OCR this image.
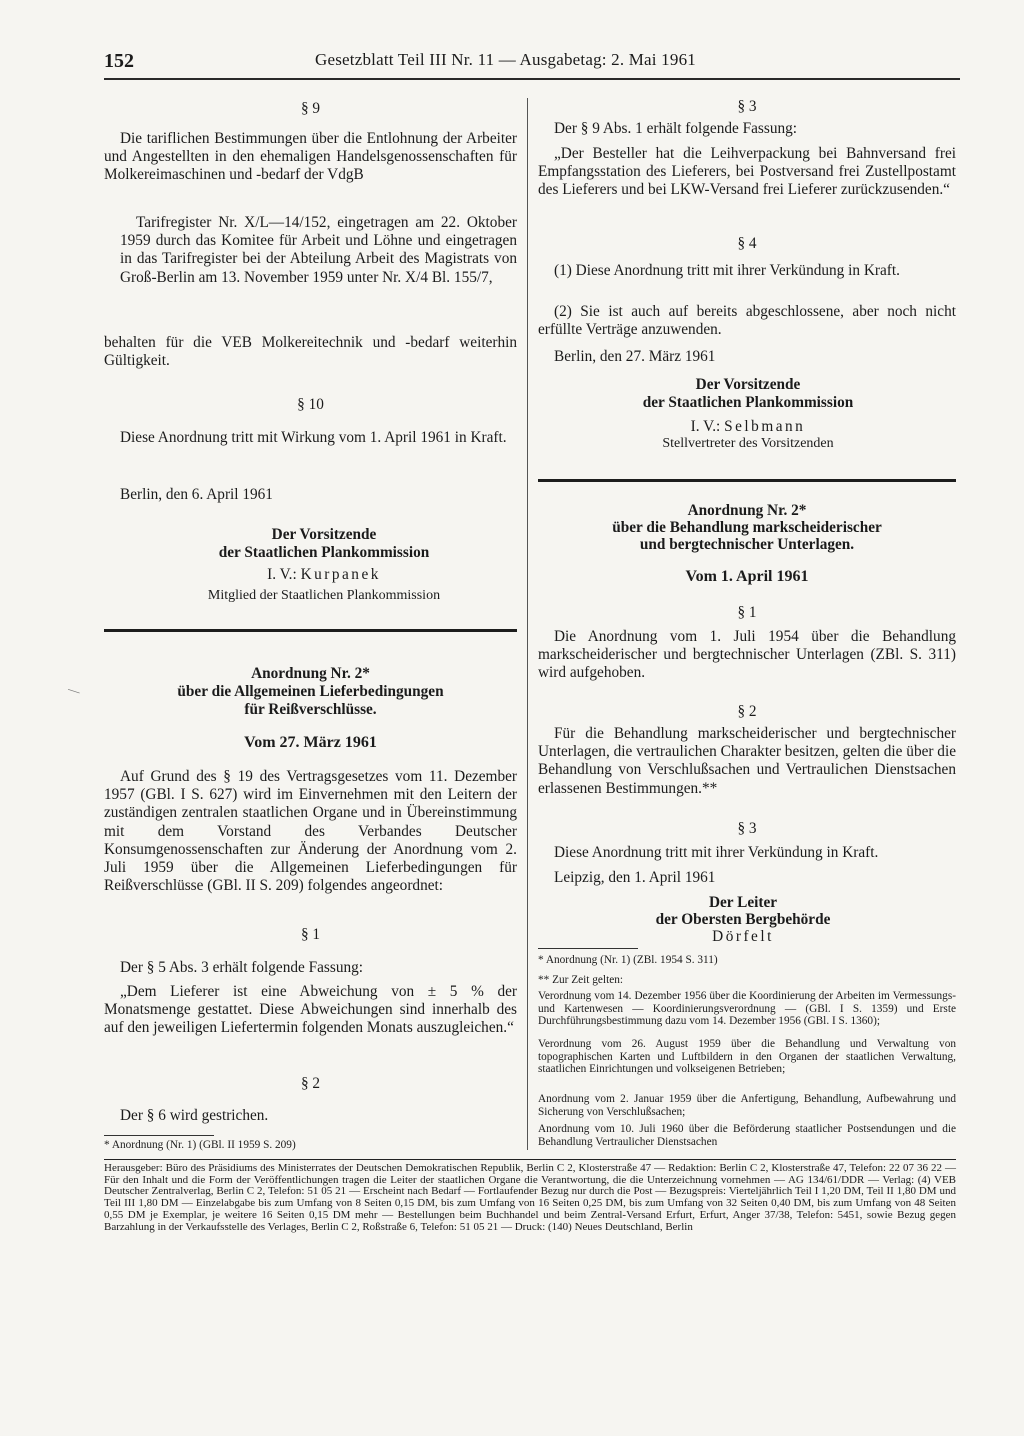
152	Gesetzblatt Teil III Nr. 11 — Ausgabetag: 2. Mai 1961
§ 9
Die tariflichen Bestimmungen über die Entlohnung der Arbeiter und Angestellten in den ehemaligen Handelsgenossenschaften für Molkereimaschinen und -bedarf der VdgB
Tarifregister Nr. X/L—14/152, eingetragen am 22. Oktober 1959 durch das Komitee für Arbeit und Löhne und eingetragen in das Tarifregister bei der Abteilung Arbeit des Magistrats von Groß-Berlin am 13. November 1959 unter Nr. X/4 Bl. 155/7,
behalten für die VEB Molkereitechnik und -bedarf weiterhin Gültigkeit.
§ 10
Diese Anordnung tritt mit Wirkung vom 1. April 1961 in Kraft.
Berlin, den 6. April 1961
Der Vorsitzende
der Staatlichen Plankommission
I. V.: Kurpanek
Mitglied der Staatlichen Plankommission
Anordnung Nr. 2*
über die Allgemeinen Lieferbedingungen
für Reißverschlüsse.
Vom 27. März 1961
Auf Grund des § 19 des Vertragsgesetzes vom 11. Dezember 1957 (GBl. I S. 627) wird im Einvernehmen mit den Leitern der zuständigen zentralen staatlichen Organe und in Übereinstimmung mit dem Vorstand des Verbandes Deutscher Konsumgenossenschaften zur Änderung der Anordnung vom 2. Juli 1959 über die Allgemeinen Lieferbedingungen für Reißverschlüsse (GBl. II S. 209) folgendes angeordnet:
§ 1
Der § 5 Abs. 3 erhält folgende Fassung:
„Dem Lieferer ist eine Abweichung von ± 5 % der Monatsmenge gestattet. Diese Abweichungen sind innerhalb des auf den jeweiligen Liefertermin folgenden Monats auszugleichen.“
§ 2
Der § 6 wird gestrichen.
* Anordnung (Nr. 1) (GBl. II 1959 S. 209)
§ 3
Der § 9 Abs. 1 erhält folgende Fassung:
„Der Besteller hat die Leihverpackung bei Bahnversand frei Empfangsstation des Lieferers, bei Postversand frei Zustellpostamt des Lieferers und bei LKW-Versand frei Lieferer zurückzusenden.“
§ 4
(1) Diese Anordnung tritt mit ihrer Verkündung in Kraft.
(2) Sie ist auch auf bereits abgeschlossene, aber noch nicht erfüllte Verträge anzuwenden.
Berlin, den 27. März 1961
Der Vorsitzende
der Staatlichen Plankommission
I. V.: Selbmann
Stellvertreter des Vorsitzenden
Anordnung Nr. 2*
über die Behandlung markscheiderischer
und bergtechnischer Unterlagen.
Vom 1. April 1961
§ 1
Die Anordnung vom 1. Juli 1954 über die Behandlung markscheiderischer und bergtechnischer Unterlagen (ZBl. S. 311) wird aufgehoben.
§ 2
Für die Behandlung markscheiderischer und bergtechnischer Unterlagen, die vertraulichen Charakter besitzen, gelten die über die Behandlung von Verschlußsachen und Vertraulichen Dienstsachen erlassenen Bestimmungen.**
§ 3
Diese Anordnung tritt mit ihrer Verkündung in Kraft.
Leipzig, den 1. April 1961
Der Leiter
der Obersten Bergbehörde
Dörfelt
* Anordnung (Nr. 1) (ZBl. 1954 S. 311)
** Zur Zeit gelten:
Verordnung vom 14. Dezember 1956 über die Koordinierung der Arbeiten im Vermessungs- und Kartenwesen — Koordinierungsverordnung — (GBl. I S. 1359) und Erste Durchführungsbestimmung dazu vom 14. Dezember 1956 (GBl. I S. 1360);
Verordnung vom 26. August 1959 über die Behandlung und Verwaltung von topographischen Karten und Luftbildern in den Organen der staatlichen Verwaltung, staatlichen Einrichtungen und volkseigenen Betrieben;
Anordnung vom 2. Januar 1959 über die Anfertigung, Behandlung, Aufbewahrung und Sicherung von Verschlußsachen;
Anordnung vom 10. Juli 1960 über die Beförderung staatlicher Postsendungen und die Behandlung Vertraulicher Dienstsachen
Herausgeber: Büro des Präsidiums des Ministerrates der Deutschen Demokratischen Republik, Berlin C 2, Klosterstraße 47 — Redaktion: Berlin C 2, Klosterstraße 47, Telefon: 22 07 36 22 — Für den Inhalt und die Form der Veröffentlichungen tragen die Leiter der staatlichen Organe die Verantwortung, die die Unterzeichnung vornehmen — AG 134/61/DDR — Verlag: (4) VEB Deutscher Zentralverlag, Berlin C 2, Telefon: 51 05 21 — Erscheint nach Bedarf — Fortlaufender Bezug nur durch die Post — Bezugspreis: Vierteljährlich Teil I 1,20 DM, Teil II 1,80 DM und Teil III 1,80 DM — Einzelabgabe bis zum Umfang von 8 Seiten 0,15 DM, bis zum Umfang von 16 Seiten 0,25 DM, bis zum Umfang von 32 Seiten 0,40 DM, bis zum Umfang von 48 Seiten 0,55 DM je Exemplar, je weitere 16 Seiten 0,15 DM mehr — Bestellungen beim Buchhandel und beim Zentral-Versand Erfurt, Erfurt, Anger 37/38, Telefon: 5451, sowie Bezug gegen Barzahlung in der Verkaufsstelle des Verlages, Berlin C 2, Roßstraße 6, Telefon: 51 05 21 — Druck: (140) Neues Deutschland, Berlin
—
